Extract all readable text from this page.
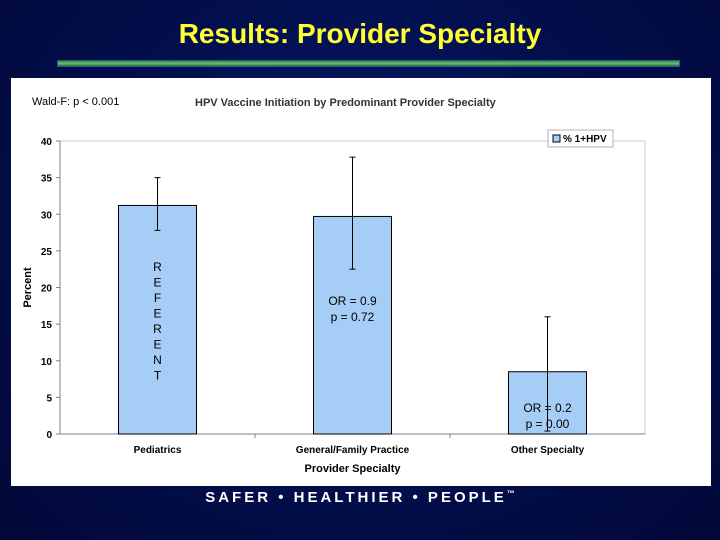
Results: Provider Specialty
Wald-F: p < 0.001	HPV Vaccine Initiation by Predominant Provider Specialty
0
5
10
15
20
25
30
35
40
Percent
Pediatrics	General/Family Practice	Other Specialty
R
E
F
E
R
E
N
T
OR = 0.9
p = 0.72
OR = 0.2
p = 0.00
Provider Specialty
% 1+HPV
SAFER • HEALTHIER • PEOPLE™
